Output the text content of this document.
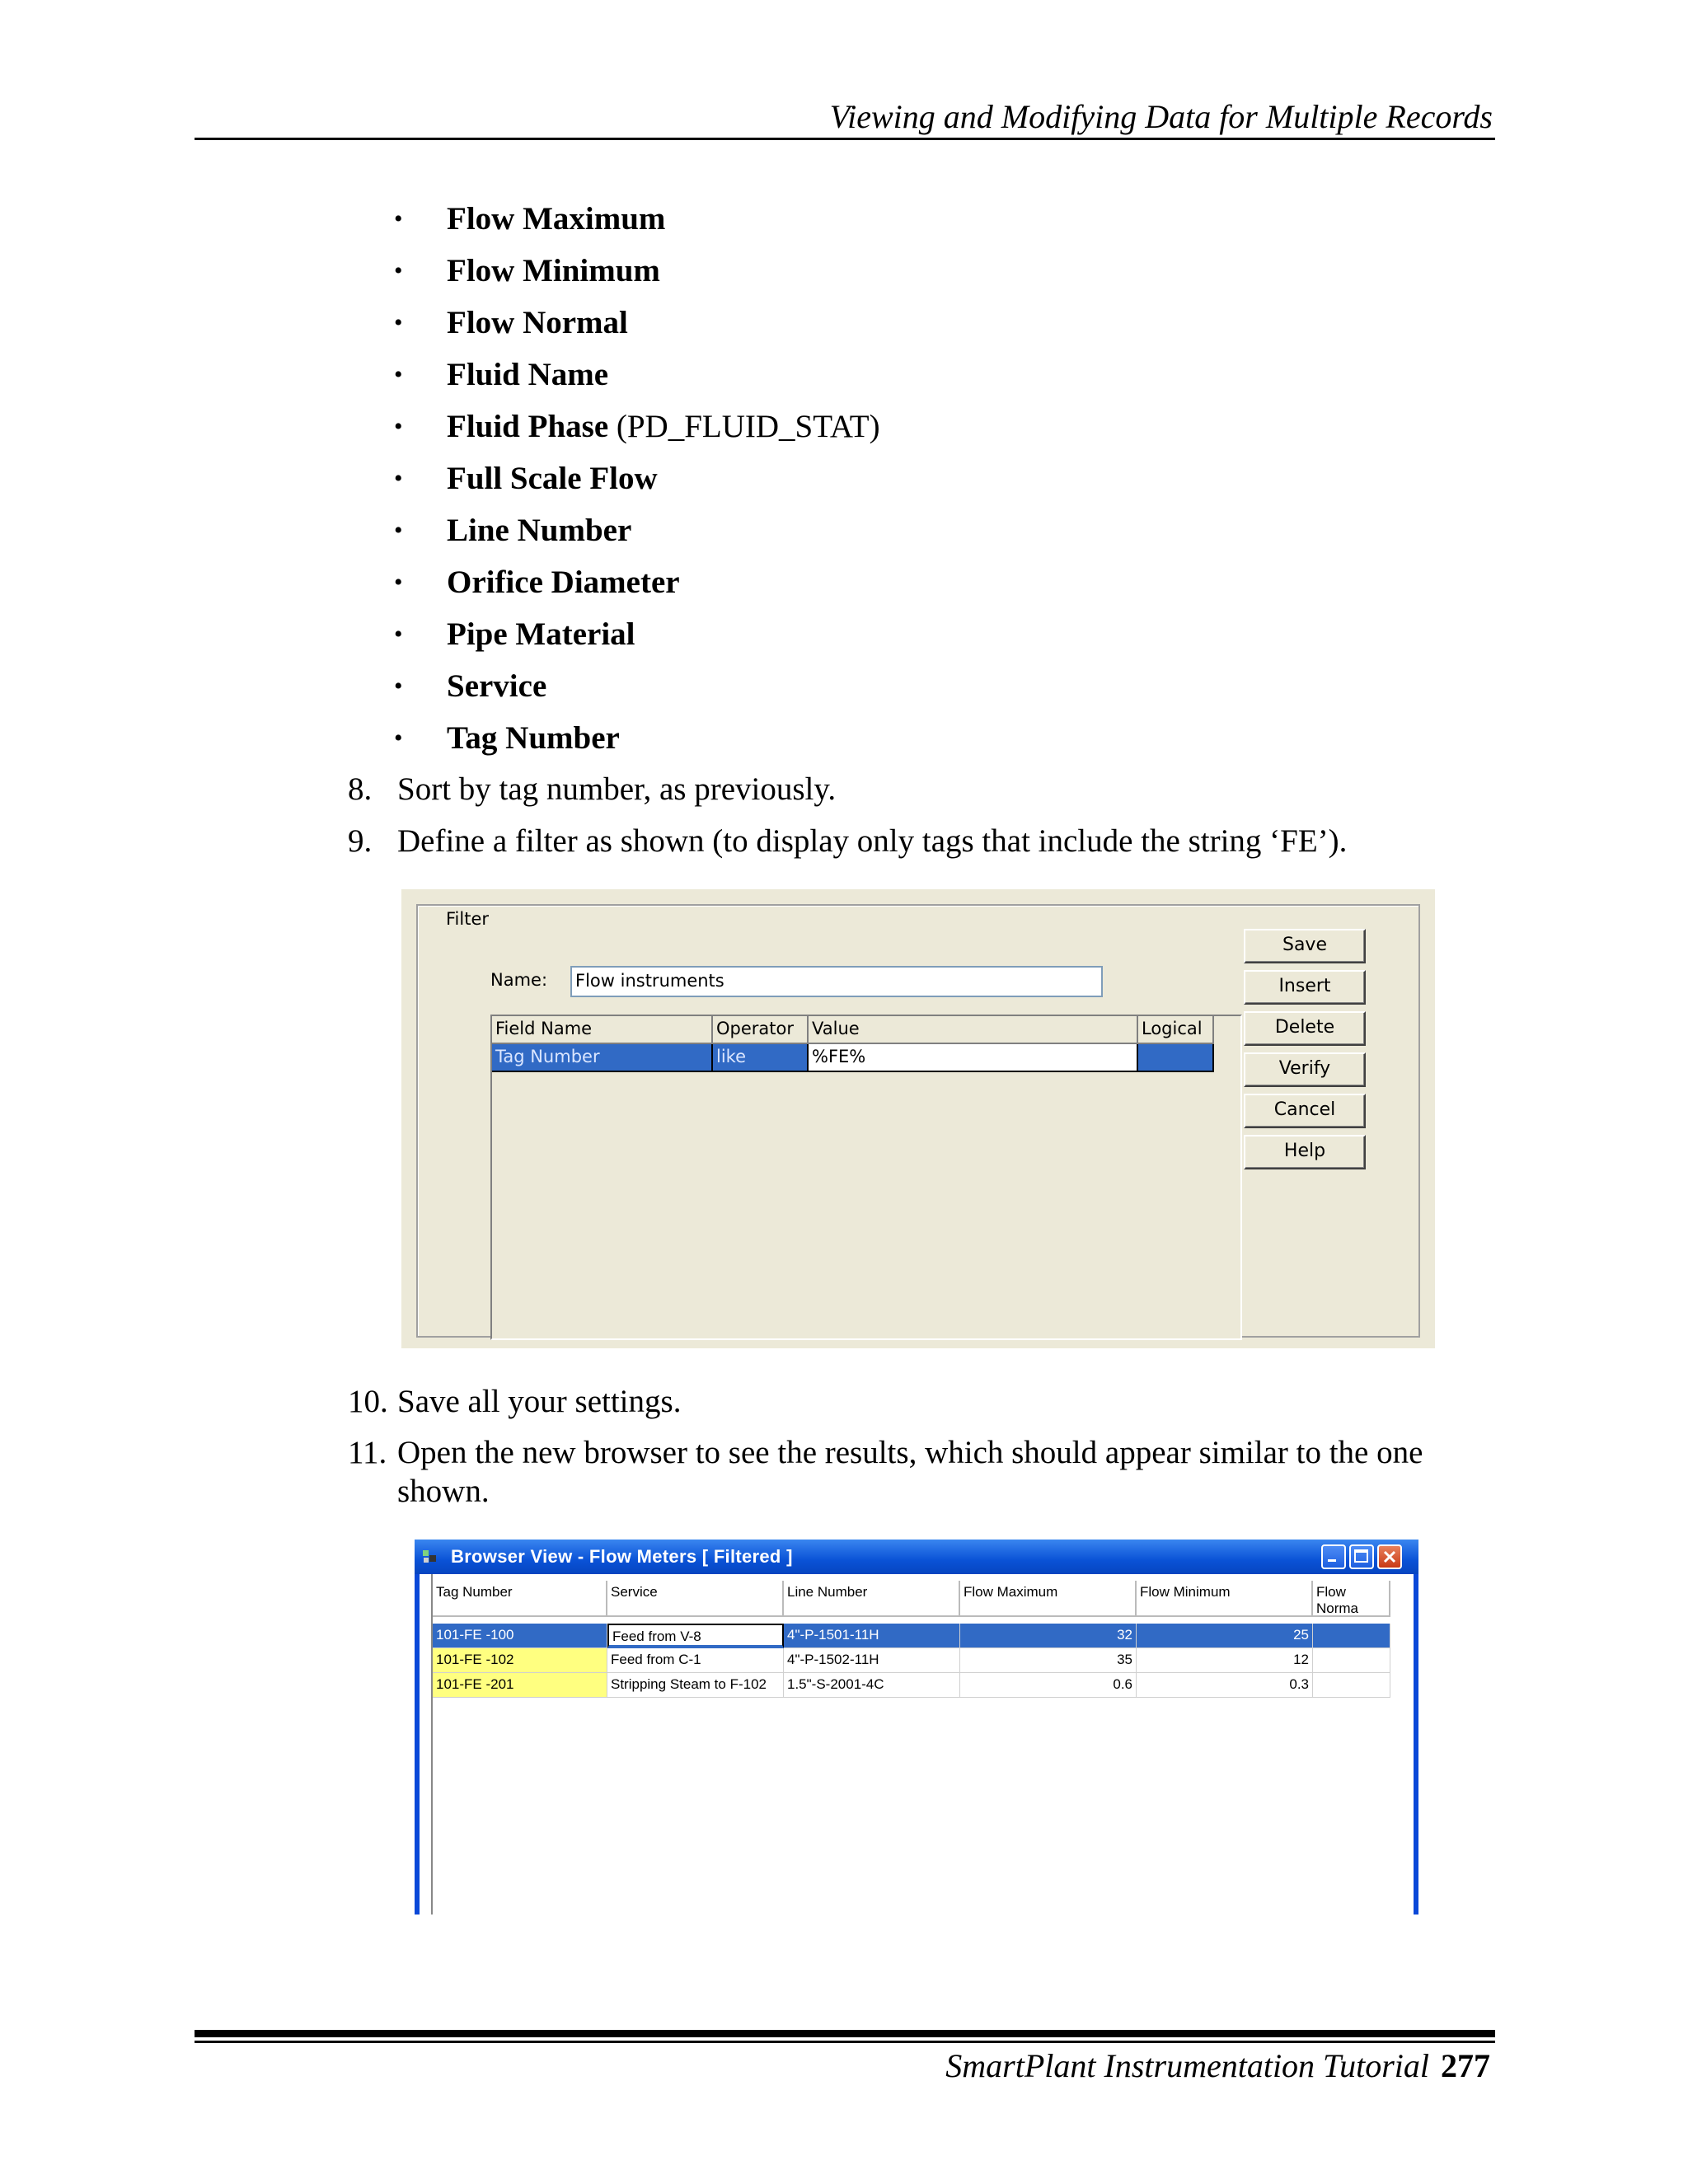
Viewing and Modifying Data for Multiple Records
• Flow Maximum
• Flow Minimum
• Flow Normal
• Fluid Name
• Fluid Phase (PD_FLUID_STAT)
• Full Scale Flow
• Line Number
• Orifice Diameter
• Pipe Material
• Service
• Tag Number
8. Sort by tag number, as previously.
9. Define a filter as shown (to display only tags that include the string ‘FE’).
Filter
Name: Flow instruments
Field Name	Operator	Value	Logical
Tag Number	like	%FE%
Save
Insert
Delete
Verify
Cancel
Help
10. Save all your settings.
11. Open the new browser to see the results, which should appear similar to the one
shown.
Browser View - Flow Meters [ Filtered ]
Tag Number	Service	Line Number	Flow Maximum	Flow Minimum	Flow Norma
101-FE -100	Feed from V-8	4"-P-1501-11H	32	25
101-FE -102	Feed from C-1	4"-P-1502-11H	35	12
101-FE -201	Stripping Steam to F-102	1.5"-S-2001-4C	0.6	0.3
SmartPlant Instrumentation Tutorial 277
